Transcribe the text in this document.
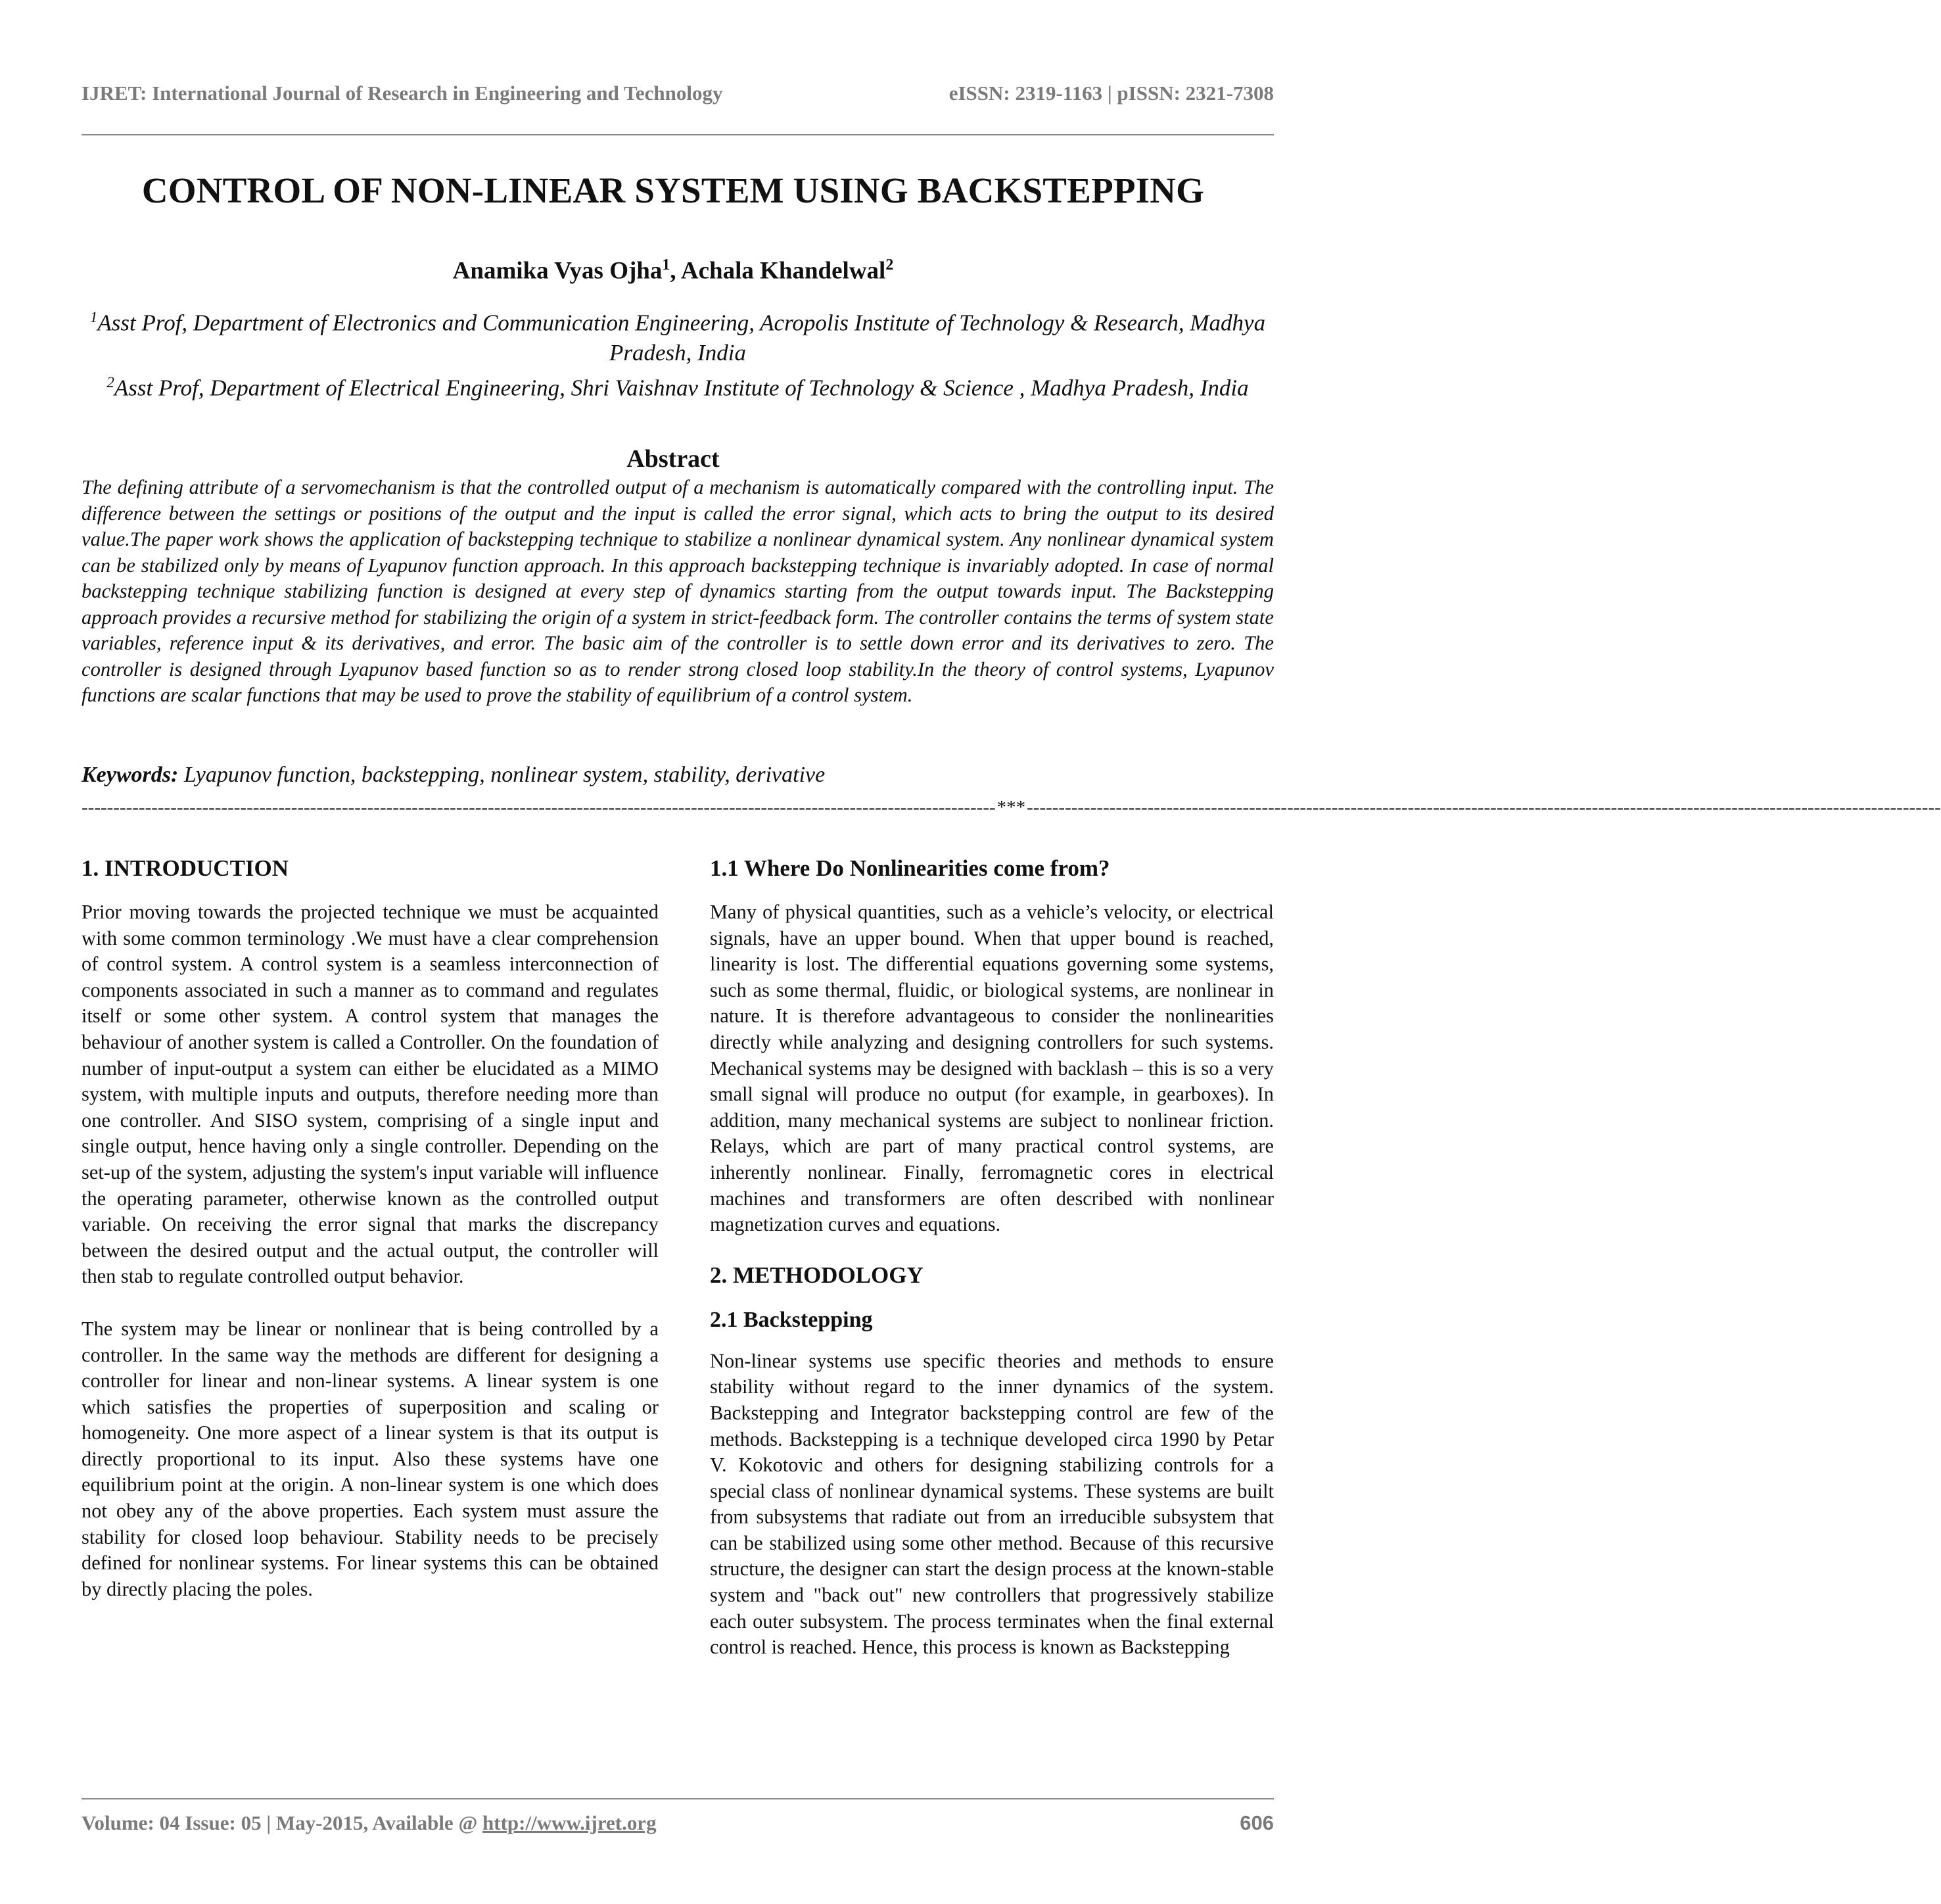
IJRET: International Journal of Research in Engineering and Technology	eISSN: 2319-1163 | pISSN: 2321-7308
CONTROL OF NON-LINEAR SYSTEM USING BACKSTEPPING
Anamika Vyas Ojha$^1$, Achala Khandelwal$^2$
$^1$Asst Prof, Department of Electronics and Communication Engineering, Acropolis Institute of Technology & Research, Madhya Pradesh, India
$^2$Asst Prof, Department of Electrical Engineering, Shri Vaishnav Institute of Technology & Science , Madhya Pradesh, India
Abstract
The defining attribute of a servomechanism is that the controlled output of a mechanism is automatically compared with the controlling input. The difference between the settings or positions of the output and the input is called the error signal, which acts to bring the output to its desired value.The paper work shows the application of backstepping technique to stabilize a nonlinear dynamical system. Any nonlinear dynamical system can be stabilized only by means of Lyapunov function approach. In this approach backstepping technique is invariably adopted. In case of normal backstepping technique stabilizing function is designed at every step of dynamics starting from the output towards input. The Backstepping approach provides a recursive method for stabilizing the origin of a system in strict-feedback form. The controller contains the terms of system state variables, reference input & its derivatives, and error. The basic aim of the controller is to settle down error and its derivatives to zero. The controller is designed through Lyapunov based function so as to render strong closed loop stability.In the theory of control systems, Lyapunov functions are scalar functions that may be used to prove the stability of equilibrium of a control system.
Keywords: Lyapunov function, backstepping, nonlinear system, stability, derivative
------------------------------------------------------------------------------------------------------------------------------------------------ *** ------------------------------------------------------------------------------------------------------------------------------------------------
1. INTRODUCTION

Prior moving towards the projected technique we must be acquainted with some common terminology .We must have a clear comprehension of control system. A control system is a seamless interconnection of components associated in such a manner as to command and regulates itself or some other system. A control system that manages the behaviour of another system is called a Controller. On the foundation of number of input-output a system can either be elucidated as a MIMO system, with multiple inputs and outputs, therefore needing more than one controller. And SISO system, comprising of a single input and single output, hence having only a single controller. Depending on the set-up of the system, adjusting the system's input variable will influence the operating parameter, otherwise known as the controlled output variable. On receiving the error signal that marks the discrepancy between the desired output and the actual output, the controller will then stab to regulate controlled output behavior.

The system may be linear or nonlinear that is being controlled by a controller. In the same way the methods are different for designing a controller for linear and non-linear systems. A linear system is one which satisfies the properties of superposition and scaling or homogeneity. One more aspect of a linear system is that its output is directly proportional to its input. Also these systems have one equilibrium point at the origin. A non-linear system is one which does not obey any of the above properties. Each system must assure the stability for closed loop behaviour. Stability needs to be precisely defined for nonlinear systems. For linear systems this can be obtained by directly placing the poles.

1.1 Where Do Nonlinearities come from?

Many of physical quantities, such as a vehicle’s velocity, or electrical signals, have an upper bound. When that upper bound is reached, linearity is lost. The differential equations governing some systems, such as some thermal, fluidic, or biological systems, are nonlinear in nature. It is therefore advantageous to consider the nonlinearities directly while analyzing and designing controllers for such systems. Mechanical systems may be designed with backlash – this is so a very small signal will produce no output (for example, in gearboxes). In addition, many mechanical systems are subject to nonlinear friction. Relays, which are part of many practical control systems, are inherently nonlinear. Finally, ferromagnetic cores in electrical machines and transformers are often described with nonlinear magnetization curves and equations.

2. METHODOLOGY
2.1 Backstepping

Non-linear systems use specific theories and methods to ensure stability without regard to the inner dynamics of the system. Backstepping and Integrator backstepping control are few of the methods. Backstepping is a technique developed circa 1990 by Petar V. Kokotovic and others for designing stabilizing controls for a special class of nonlinear dynamical systems. These systems are built from subsystems that radiate out from an irreducible subsystem that can be stabilized using some other method. Because of this recursive structure, the designer can start the design process at the known-stable system and "back out" new controllers that progressively stabilize each outer subsystem. The process terminates when the final external control is reached. Hence, this process is known as Backstepping

Volume: 04 Issue: 05 | May-2015, Available @ http://www.ijret.org	606
